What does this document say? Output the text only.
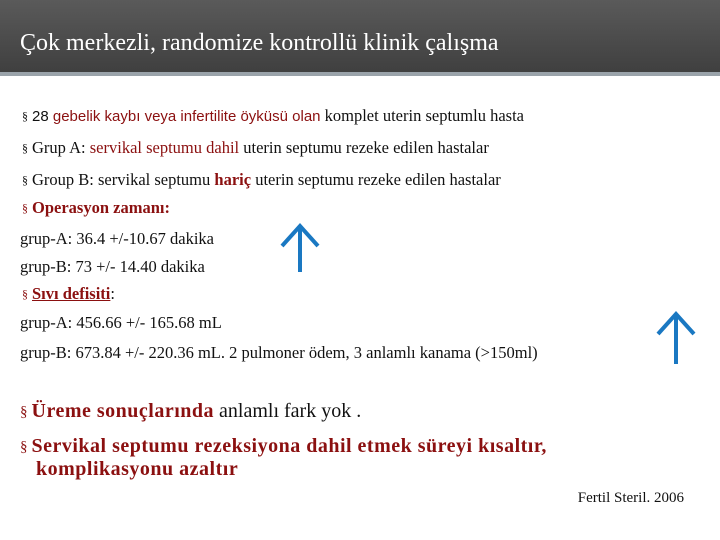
Çok merkezli, randomize kontrollü klinik çalışma
§ 28 gebelik kaybı veya infertilite öyküsü olan komplet uterin septumlu hasta
§ Grup A: servikal septumu dahil uterin septumu rezeke edilen hastalar
§ Group B: servikal septumu hariç uterin septumu rezeke edilen hastalar
§ Operasyon zamanı:
grup-A: 36.4 +/-10.67 dakika
grup-B: 73 +/- 14.40 dakika
§ Sıvı defisiti:
grup-A: 456.66 +/- 165.68 mL
grup-B: 673.84 +/- 220.36 mL. 2 pulmoner ödem, 3 anlamlı kanama (>150ml)
§ Üreme sonuçlarında anlamlı fark yok .
§ Servikal septumu rezeksiyona dahil etmek süreyi kısaltır,
komplikasyonu azaltır
Fertil Steril. 2006
